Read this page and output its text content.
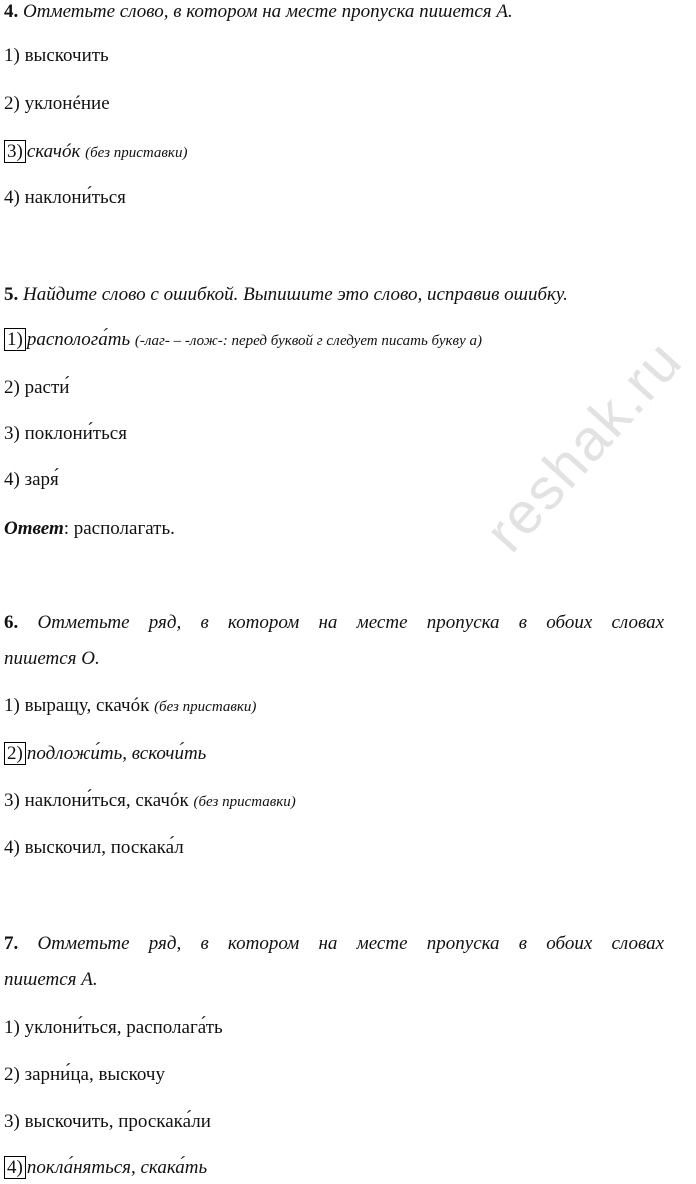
reshak.ru
4. Отметьте слово, в котором на месте пропуска пишется А.
1) выскочить
2) уклонéние
3) скачóк (без приставки)
4) наклони́ться
5. Найдите слово с ошибкой. Выпишите это слово, исправив ошибку.
1) располога́ть (-лаг- – -лож-: перед буквой г следует писать букву а)
2) расти́
3) поклони́ться
4) заря́
Ответ: располагать.
6. Отметьте ряд, в котором на месте пропуска в обоих словах
пишется О.
1) выращу, скачóк (без приставки)
2) подложи́ть, вскочи́ть
3) наклони́ться, скачóк (без приставки)
4) выскочил, поскака́л
7. Отметьте ряд, в котором на месте пропуска в обоих словах
пишется А.
1) уклони́ться, располага́ть
2) зарни́ца, выскочу
3) выскочить, проскака́ли
4) покла́няться, скака́ть
